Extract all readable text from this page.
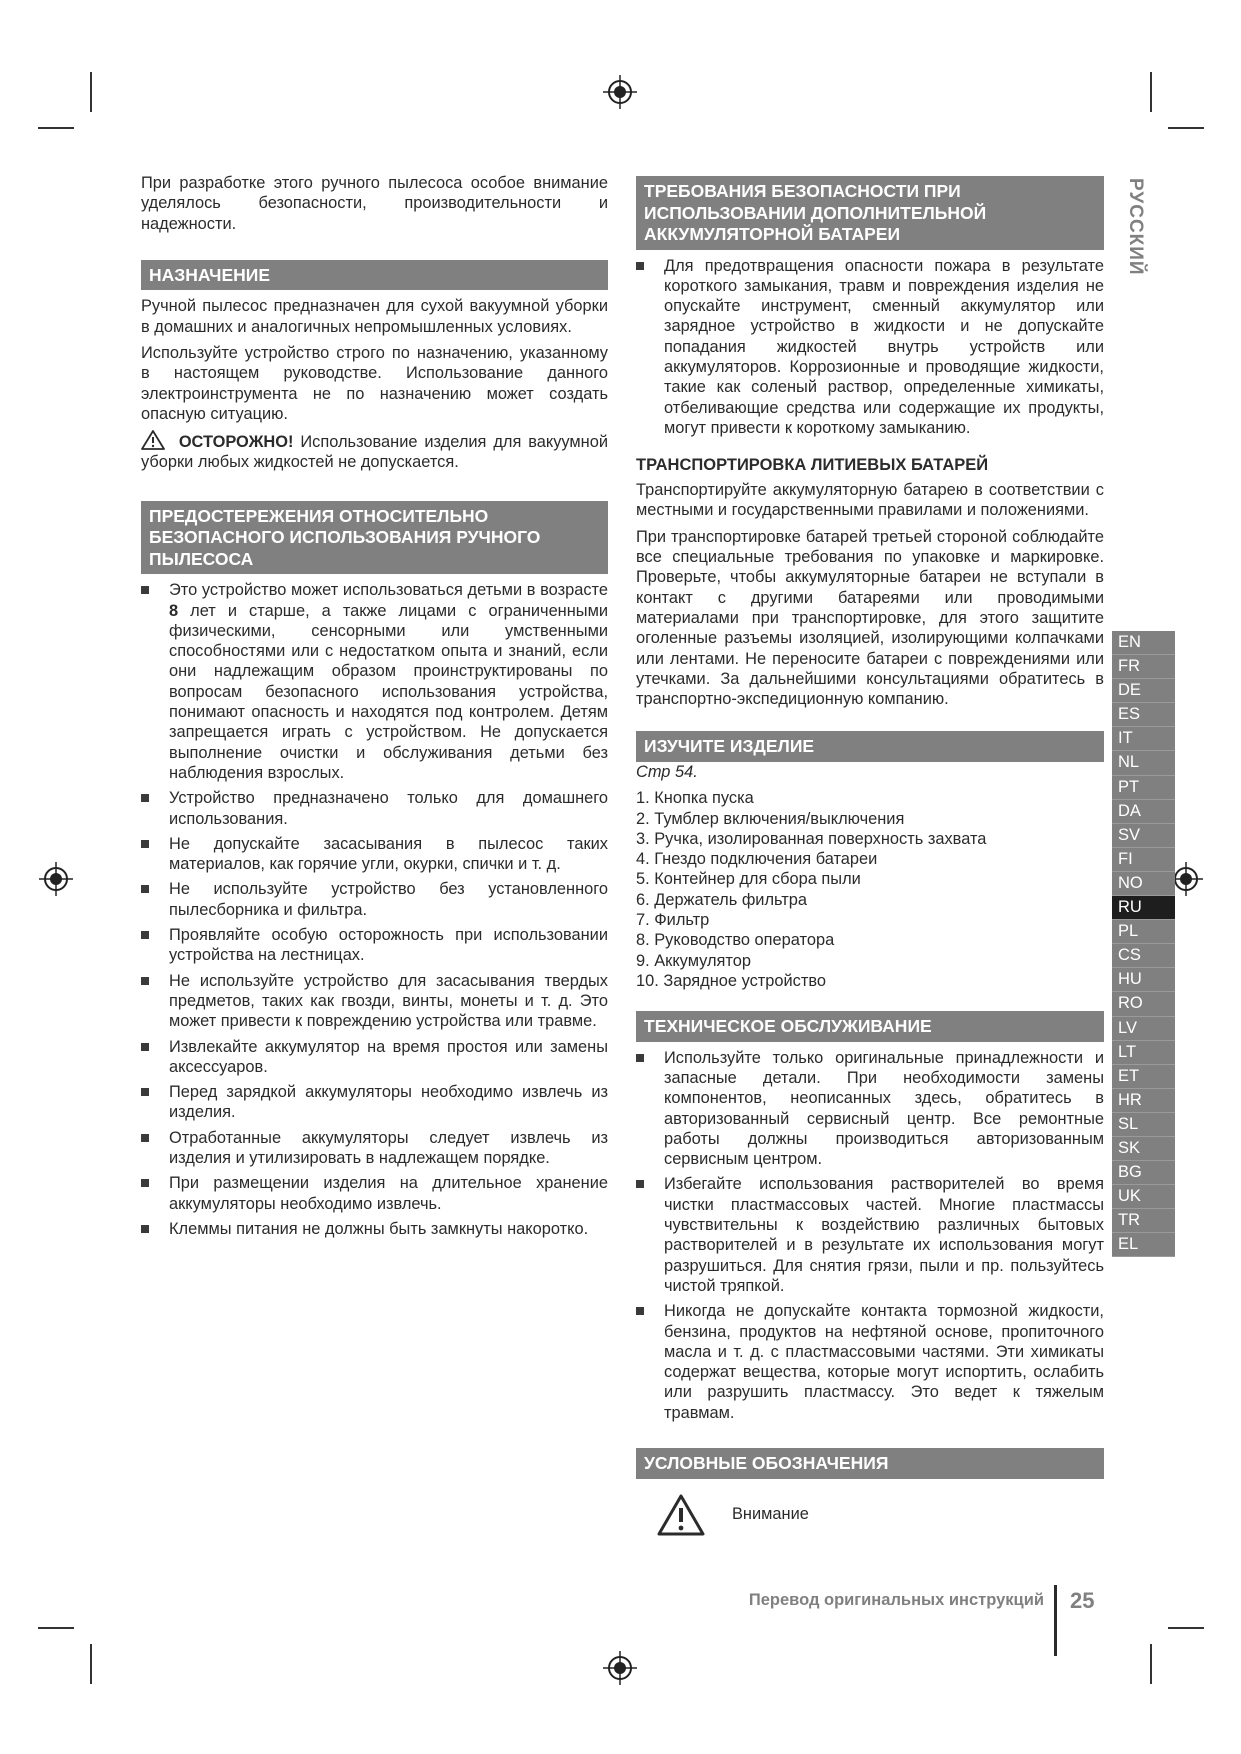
При разработке этого ручного пылесоса особое внимание уделялось безопасности, производительности и надежности.

НАЗНАЧЕНИЕ

Ручной пылесос предназначен для сухой вакуумной уборки в домашних и аналогичных непромышленных условиях.

Используйте устройство строго по назначению, указанному в настоящем руководстве. Использование данного электроинструмента не по назначению может создать опасную ситуацию.

ОСТОРОЖНО! Использование изделия для вакуумной уборки любых жидкостей не допускается.

ПРЕДОСТЕРЕЖЕНИЯ ОТНОСИТЕЛЬНО БЕЗОПАСНОГО ИСПОЛЬЗОВАНИЯ РУЧНОГО ПЫЛЕСОСА
Это устройство может использоваться детьми в возрасте 8 лет и старше, а также лицами с ограниченными физическими, сенсорными или умственными способностями или с недостатком опыта и знаний, если они надлежащим образом проинструктированы по вопросам безопасного использования устройства, понимают опасность и находятся под контролем. Детям запрещается играть с устройством. Не допускается выполнение очистки и обслуживания детьми без наблюдения взрослых.
Устройство предназначено только для домашнего использования.
Не допускайте засасывания в пылесос таких материалов, как горячие угли, окурки, спички и т. д.
Не используйте устройство без установленного пылесборника и фильтра.
Проявляйте особую осторожность при использовании устройства на лестницах.
Не используйте устройство для засасывания твердых предметов, таких как гвозди, винты, монеты и т. д. Это может привести к повреждению устройства или травме.
Извлекайте аккумулятор на время простоя или замены аксессуаров.
Перед зарядкой аккумуляторы необходимо извлечь из изделия.
Отработанные аккумуляторы следует извлечь из изделия и утилизировать в надлежащем порядке.
При размещении изделия на длительное хранение аккумуляторы необходимо извлечь.
Клеммы питания не должны быть замкнуты накоротко.
ТРЕБОВАНИЯ БЕЗОПАСНОСТИ ПРИ ИСПОЛЬЗОВАНИИ ДОПОЛНИТЕЛЬНОЙ АККУМУЛЯТОРНОЙ БАТАРЕИ
Для предотвращения опасности пожара в результате короткого замыкания, травм и повреждения изделия не опускайте инструмент, сменный аккумулятор или зарядное устройство в жидкости и не допускайте попадания жидкостей внутрь устройств или аккумуляторов. Коррозионные и проводящие жидкости, такие как соленый раствор, определенные химикаты, отбеливающие средства или содержащие их продукты, могут привести к короткому замыканию.
ТРАНСПОРТИРОВКА ЛИТИЕВЫХ БАТАРЕЙ

Транспортируйте аккумуляторную батарею в соответствии с местными и государственными правилами и положениями.

При транспортировке батарей третьей стороной соблюдайте все специальные требования по упаковке и маркировке. Проверьте, чтобы аккумуляторные батареи не вступали в контакт с другими батареями или проводимыми материалами при транспортировке, для этого защитите оголенные разъемы изоляцией, изолирующими колпачками или лентами. Не переносите батареи с повреждениями или утечками. За дальнейшими консультациями обратитесь в транспортно-экспедиционную компанию.

ИЗУЧИТЕ ИЗДЕЛИЕ

Стр 54.

1. Кнопка пуска
2. Тумблер включения/выключения
3. Ручка, изолированная поверхность захвата
4. Гнездо подключения батареи
5. Контейнер для сбора пыли
6. Держатель фильтра
7. Фильтр
8. Руководство оператора
9. Аккумулятор
10. Зарядное устройство
ТЕХНИЧЕСКОЕ ОБСЛУЖИВАНИЕ
Используйте только оригинальные принадлежности и запасные детали. При необходимости замены компонентов, неописанных здесь, обратитесь в авторизованный сервисный центр. Все ремонтные работы должны производиться авторизованным сервисным центром.
Избегайте использования растворителей во время чистки пластмассовых частей. Многие пластмассы чувствительны к воздействию различных бытовых растворителей и в результате их использования могут разрушиться. Для снятия грязи, пыли и пр. пользуйтесь чистой тряпкой.
Никогда не допускайте контакта тормозной жидкости, бензина, продуктов на нефтяной основе, пропиточного масла и т. д. с пластмассовыми частями. Эти химикаты содержат вещества, которые могут испортить, ослабить или разрушить пластмассу. Это ведет к тяжелым травмам.
УСЛОВНЫЕ ОБОЗНАЧЕНИЯ
Внимание
РУССКИЙ
EN
FR
DE
ES
IT
NL
PT
DA
SV
FI
NO
RU
PL
CS
HU
RO
LV
LT
ET
HR
SL
SK
BG
UK
TR
EL
Перевод оригинальных инструкций 25
